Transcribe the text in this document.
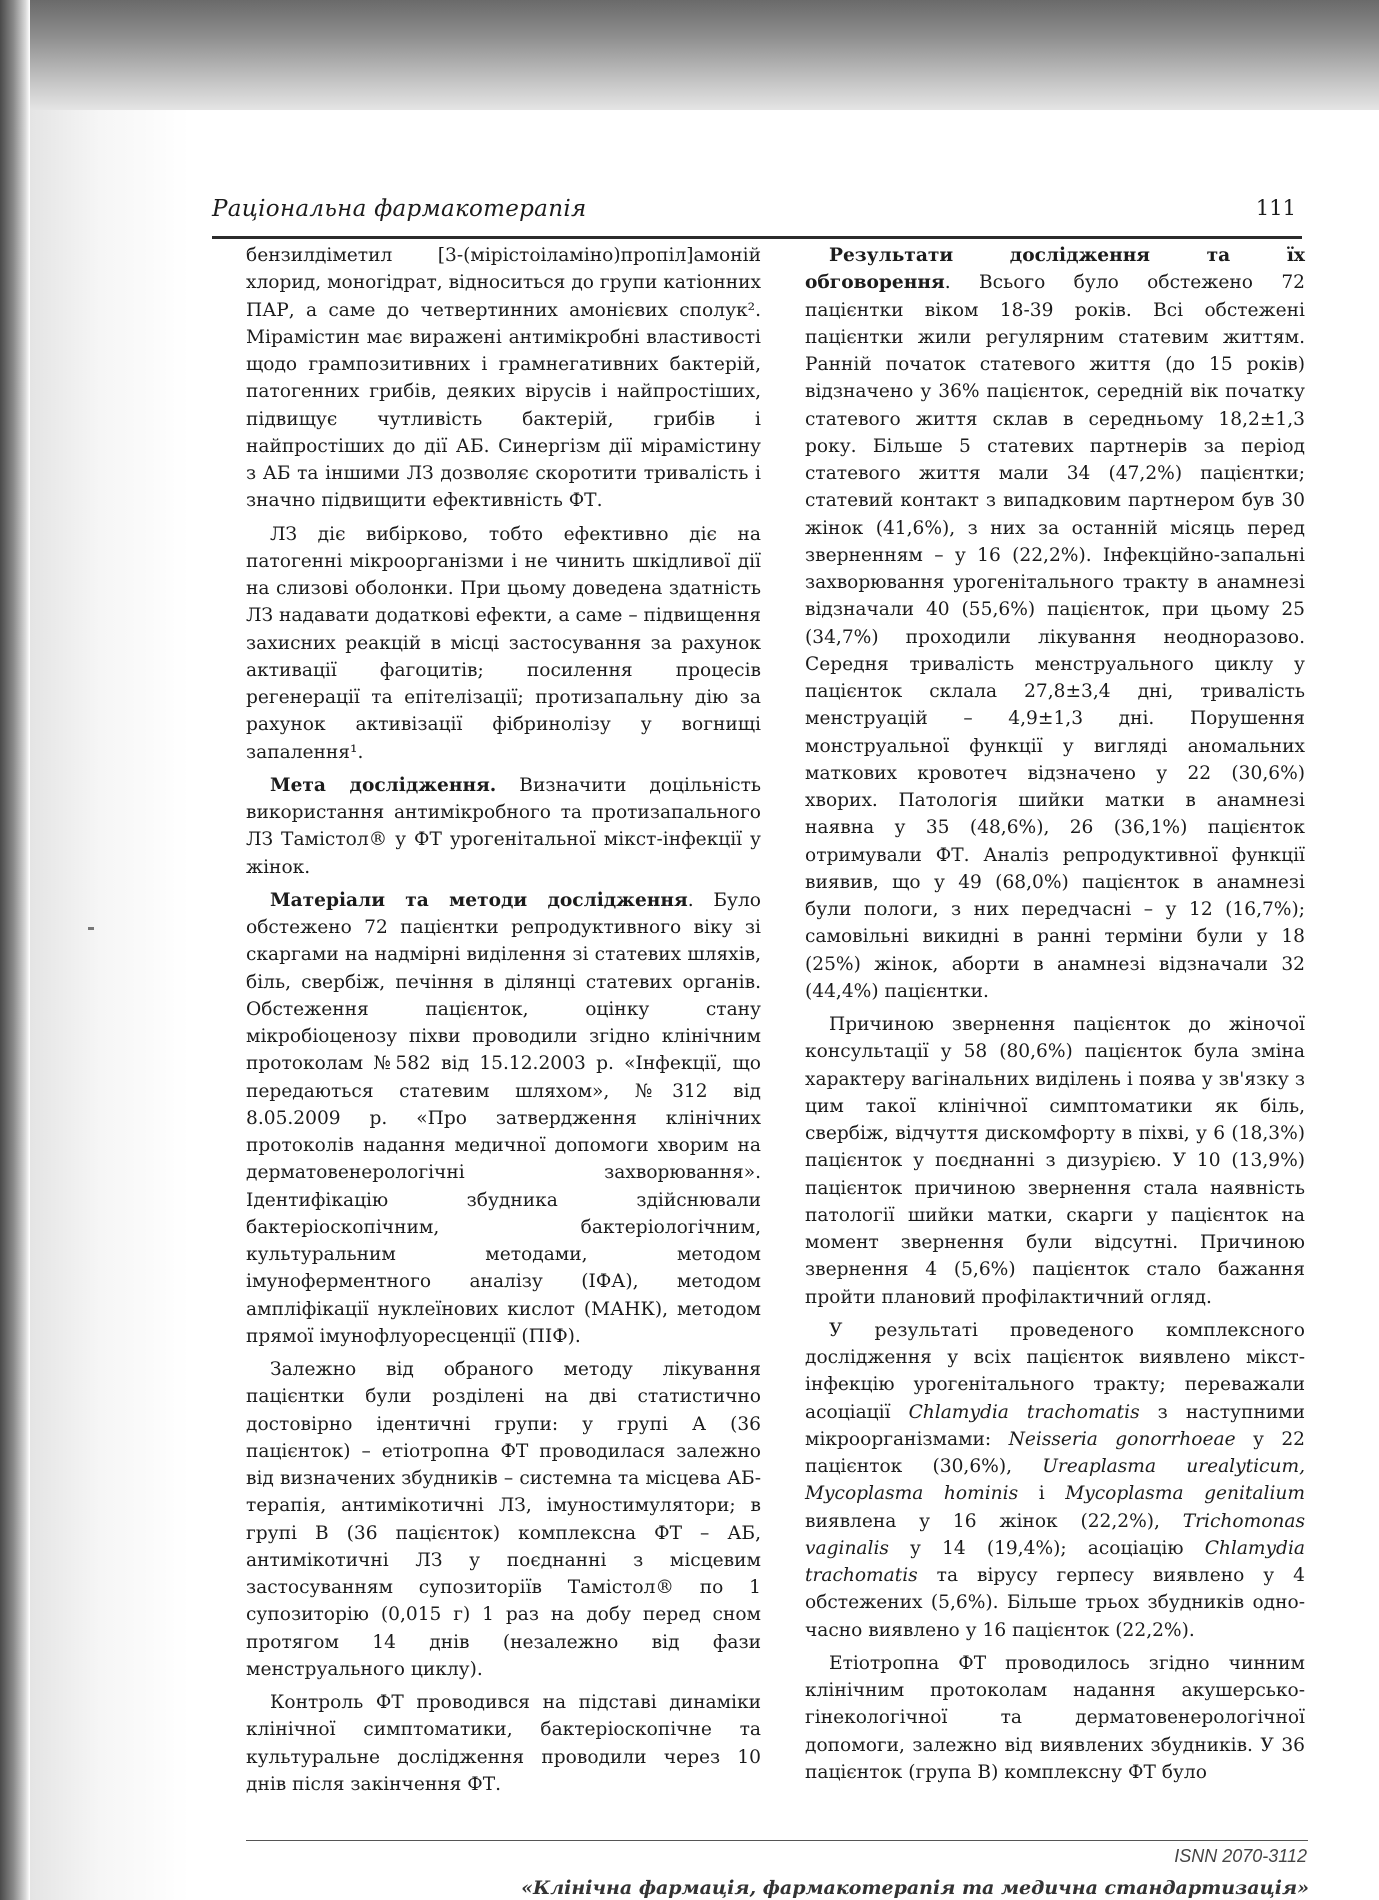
Раціональна фармакотерапія	111

бензилдіметил [3-(мірістоіламіно)пропіл]амоній хлорид, моногідрат, відноситься до групи катіонних ПАР, а саме до четвертинних амонієвих сполук². Мірамістин має виражені антимікробні властивості щодо грампозитивних і грамнегативних бактерій, патогенних грибів, деяких вірусів і найпростіших, підвищує чутливість бактерій, грибів і найпростіших до дії АБ. Синергізм дії мірамістину з АБ та іншими ЛЗ дозволяє скоротити тривалість і значно підвищити ефективність ФТ.

ЛЗ діє вибірково, тобто ефективно діє на патогенні мікроорганізми і не чинить шкідливої дії на слизові оболонки. При цьому доведена здатність ЛЗ надавати додаткові ефекти, а саме – підвищення захисних реакцій в місці застосування за рахунок активації фагоцитів; посилення процесів регенерації та епітелізації; протизапальну дію за рахунок активізації фібринолізу у вогнищі запалення¹.

Мета дослідження. Визначити доцільність використання антимікробного та протизапального ЛЗ Тамістол® у ФТ урогенітальної мікст-інфекції у жінок.

Матеріали та методи дослідження. Було обстежено 72 пацієнтки репродуктивного віку зі скаргами на надмірні виділення зі статевих шляхів, біль, свербіж, печіння в ділянці статевих органів. Обстеження пацієнток, оцінку стану мікробіоценозу піхви проводили згідно клінічним протоколам №582 від 15.12.2003 р. «Інфекції, що передаються статевим шляхом», №312 від 8.05.2009 р. «Про затвердження клінічних протоколів надання медичної допомоги хворим на дерматовенерологічні захворювання». Ідентифікацію збудника здійснювали бактеріоскопічним, бактеріологічним, культуральним методами, методом імуноферментного аналізу (ІФА), методом ампліфікації нуклеїнових кислот (МАНК), методом прямої імунофлуоресценції (ПІФ).

Залежно від обраного методу лікування пацієнтки були розділені на дві статистично достовірно ідентичні групи: у групі А (36 пацієнток) – етіотропна ФТ проводилася залежно від визначених збудників – системна та місцева АБ-терапія, антимікотичні ЛЗ, імуностимулятори; в групі В (36 пацієнток) комплексна ФТ – АБ, антимікотичні ЛЗ у поєднанні з місцевим застосуванням супозиторіїв Тамістол® по 1 супозиторію (0,015 г) 1 раз на добу перед сном протягом 14 днів (незалежно від фази менструального циклу).

Контроль ФТ проводився на підставі динаміки клінічної симптоматики, бактеріоскопічне та культуральне дослідження проводили через 10 днів після закінчення ФТ.

Результати дослідження та їх обговорення. Всього було обстежено 72 пацієнтки віком 18-39 років. Всі обстежені пацієнтки жили регулярним статевим життям. Ранній початок статевого життя (до 15 років) відзначено у 36% пацієнток, середній вік початку статевого життя склав в середньому 18,2±1,3 року. Більше 5 статевих партнерів за період статевого життя мали 34 (47,2%) пацієнтки; статевий контакт з випадковим партнером був 30 жінок (41,6%), з них за останній місяць перед зверненням – у 16 (22,2%). Інфекційно-запальні захворювання урогенітального тракту в анамнезі відзначали 40 (55,6%) пацієнток, при цьому 25 (34,7%) проходили лікування неодноразово. Середня тривалість менструального циклу у пацієнток склала 27,8±3,4 дні, тривалість менструацій – 4,9±1,3 дні. Порушення монструальної функції у вигляді аномальних маткових кровотеч відзначено у 22 (30,6%) хворих. Патологія шийки матки в анамнезі наявна у 35 (48,6%), 26 (36,1%) пацієнток отримували ФТ. Аналіз репродуктивної функції виявив, що у 49 (68,0%) пацієнток в анамнезі були пологи, з них передчасні – у 12 (16,7%); самовільні викидні в ранні терміни були у 18 (25%) жінок, аборти в анамнезі відзначали 32 (44,4%) пацієнтки.

Причиною звернення пацієнток до жіночої консультації у 58 (80,6%) пацієнток була зміна характеру вагінальних виділень і поява у зв'язку з цим такої клінічної симптоматики як біль, свербіж, відчуття дискомфорту в піхві, у 6 (18,3%) пацієнток у поєднанні з дизурією. У 10 (13,9%) пацієнток причиною звернення стала наявність патології шийки матки, скарги у пацієнток на момент звернення були відсутні. Причиною звернення 4 (5,6%) пацієнток стало бажання пройти плановий профілактичний огляд.

У результаті проведеного комплексного дослідження у всіх пацієнток виявлено мікст-інфекцію урогенітального тракту; переважали асоціації Chlamydia trachomatis з наступними мікроорганізмами: Neisseria gonorrhoeae у 22 пацієнток (30,6%), Ureaplasma urealyticum, Mycoplasma hominis і Mycoplasma genitalium виявлена у 16 жінок (22,2%), Trichomonas vaginalis у 14 (19,4%); асоціацію Chlamydia trachomatis та вірусу герпесу виявлено у 4 обстежених (5,6%). Більше трьох збудників одно-часно виявлено у 16 пацієнток (22,2%).

Етіотропна ФТ проводилось згідно чинним клінічним протоколам надання акушерсько-гінекологічної та дерматовенерологічної допомоги, залежно від виявлених збудників. У 36 пацієнток (група В) комплексну ФТ було

ISNN 2070-3112
«Клінічна фармація, фармакотерапія та медична стандартизація»
